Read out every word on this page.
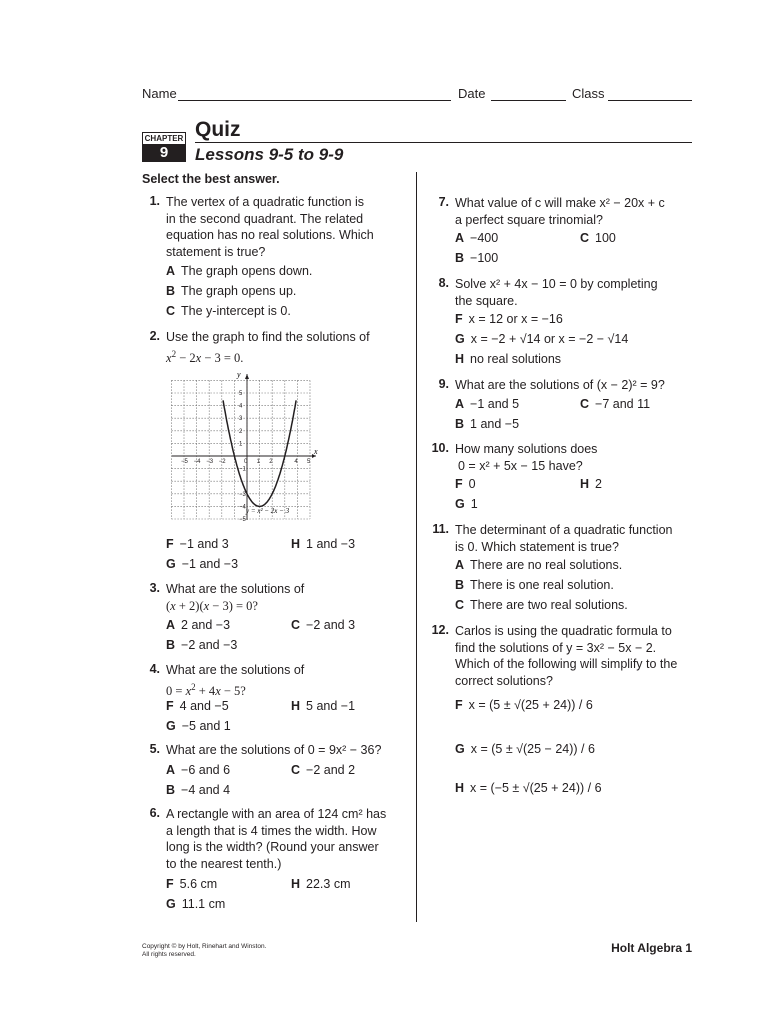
Name	Date	Class
CHAPTER
9
Quiz
Lessons 9-5 to 9-9
Select the best answer.
1. The vertex of a quadratic function is
in the second quadrant. The related
equation has no real solutions. Which
statement is true?
A The graph opens down.
B The graph opens up.
C The y-intercept is 0.
2. Use the graph to find the solutions of
$x^2 - 2x - 3 = 0$.
x
y
−5 −4 −3 −2	0 1 2	4 5
5
4
3
2
1
−1
−3
−4
−5
y = x² − 2x − 3
F −1 and 3	H 1 and −3
G −1 and −3
3. What are the solutions of
(x + 2)(x − 3) = 0?
A 2 and −3	C −2 and 3
B −2 and −3
4. What are the solutions of
$0 = x^2 + 4x - 5$?
F 4 and −5	H 5 and −1
G −5 and 1
5. What are the solutions of 0 = 9x² − 36?
A −6 and 6	C −2 and 2
B −4 and 4
6. A rectangle with an area of 124 cm² has
a length that is 4 times the width. How
long is the width? (Round your answer
to the nearest tenth.)
F 5.6 cm	H 22.3 cm
G 11.1 cm
7. What value of c will make x² − 20x + c
a perfect square trinomial?
A −400	C 100
B −100
8. Solve x² + 4x − 10 = 0 by completing
the square.
F x = 12 or x = −16
G x = −2 + √14 or x = −2 − √14
H no real solutions
9. What are the solutions of (x − 2)² = 9?
A −1 and 5	C −7 and 11
B 1 and −5
10. How many solutions does
0 = x² + 5x − 15 have?
F 0	H 2
G 1
11. The determinant of a quadratic function
is 0. Which statement is true?
A There are no real solutions.
B There is one real solution.
C There are two real solutions.
12. Carlos is using the quadratic formula to
find the solutions of y = 3x² − 5x − 2.
Which of the following will simplify to the
correct solutions?
F x = (5 ± √(25 + 24)) / 6
G x = (5 ± √(25 − 24)) / 6
H x = (−5 ± √(25 + 24)) / 6
Copyright © by Holt, Rinehart and Winston.
All rights reserved.	Holt Algebra 1
